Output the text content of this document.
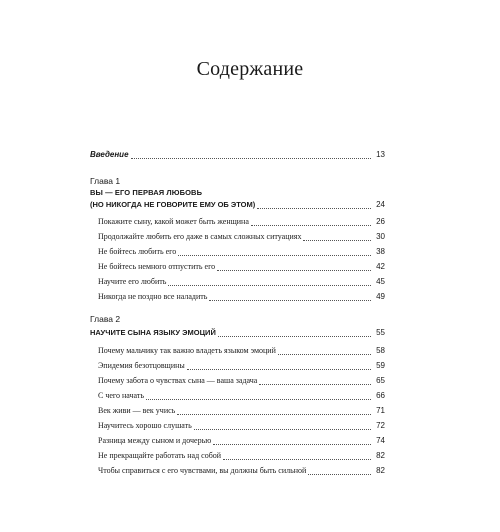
Содержание
Введение	13
Глава 1
ВЫ — ЕГО ПЕРВАЯ ЛЮБОВЬ
(НО НИКОГДА НЕ ГОВОРИТЕ ЕМУ ОБ ЭТОМ)	24
Покажите сыну, какой может быть женщина	26
Продолжайте любить его даже в самых сложных ситуациях	30
Не бойтесь любить его	38
Не бойтесь немного отпустить его	42
Научите его любить	45
Никогда не поздно все наладить	49
Глава 2
НАУЧИТЕ СЫНА ЯЗЫКУ ЭМОЦИЙ	55
Почему мальчику так важно владеть языком эмоций	58
Эпидемия безотцовщины	59
Почему забота о чувствах сына — ваша задача	65
С чего начать	66
Век живи — век учись	71
Научитесь хорошо слушать	72
Разница между сыном и дочерью	74
Не прекращайте работать над собой	82
Чтобы справиться с его чувствами, вы должны быть сильной	82
